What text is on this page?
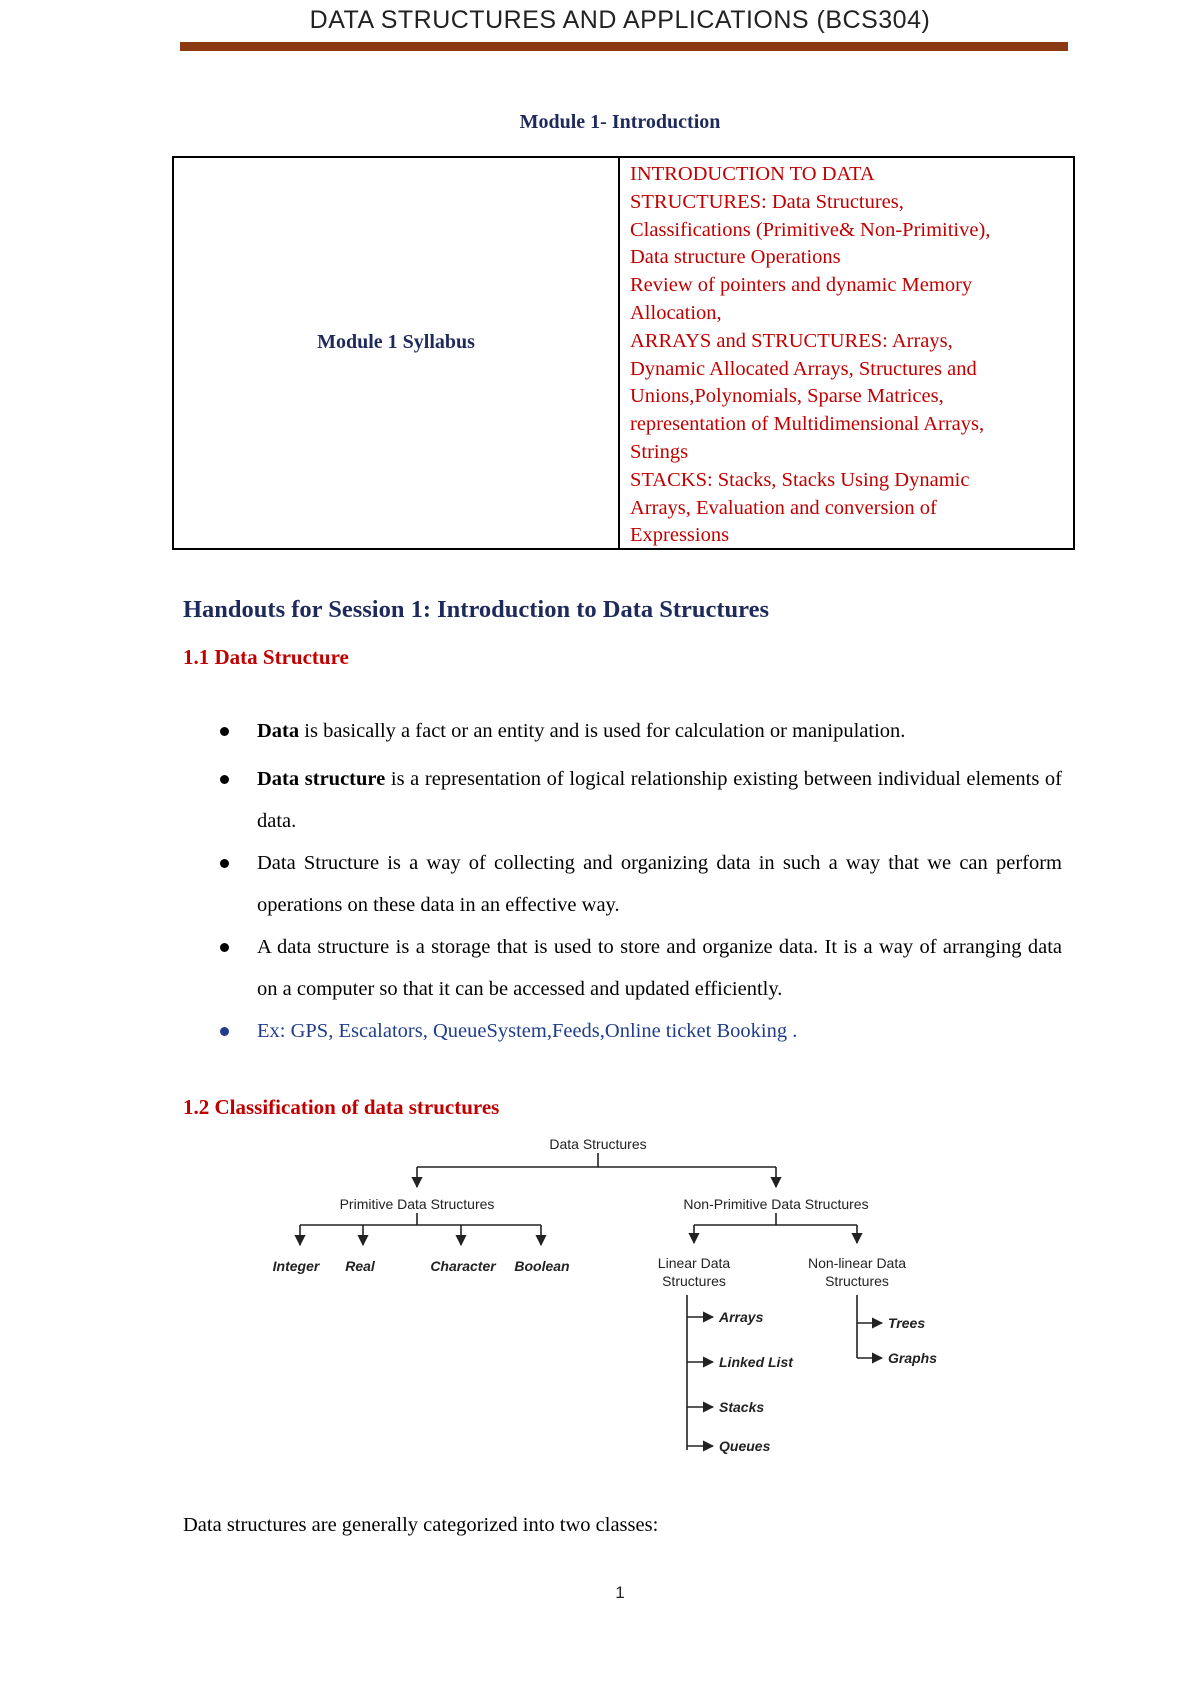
DATA STRUCTURES AND APPLICATIONS (BCS304)
Module 1- Introduction
Module 1 Syllabus
INTRODUCTION TO DATA
STRUCTURES: Data Structures,
Classifications (Primitive& Non-Primitive),
Data structure Operations
Review of pointers and dynamic Memory
Allocation,
ARRAYS and STRUCTURES: Arrays,
Dynamic Allocated Arrays, Structures and
Unions,Polynomials, Sparse Matrices,
representation of Multidimensional Arrays,
Strings
STACKS: Stacks, Stacks Using Dynamic
Arrays, Evaluation and conversion of
Expressions
Handouts for Session 1: Introduction to Data Structures
1.1 Data Structure
Data is basically a fact or an entity and is used for calculation or manipulation.
Data structure is a representation of logical relationship existing between individual elements of data.
Data Structure is a way of collecting and organizing data in such a way that we can perform operations on these data in an effective way.
A data structure is a storage that is used to store and organize data. It is a way of arranging data on a computer so that it can be accessed and updated efficiently.
Ex: GPS, Escalators, QueueSystem,Feeds,Online ticket Booking .
1.2 Classification of data structures
Data Structures
Primitive Data Structures	Non-Primitive Data Structures
Integer Real	Character Boolean	Linear Data
Structures
Non-linear Data
Structures
Arrays
Linked List
Stacks
Queues
Trees
Graphs
Data structures are generally categorized into two classes:
1
